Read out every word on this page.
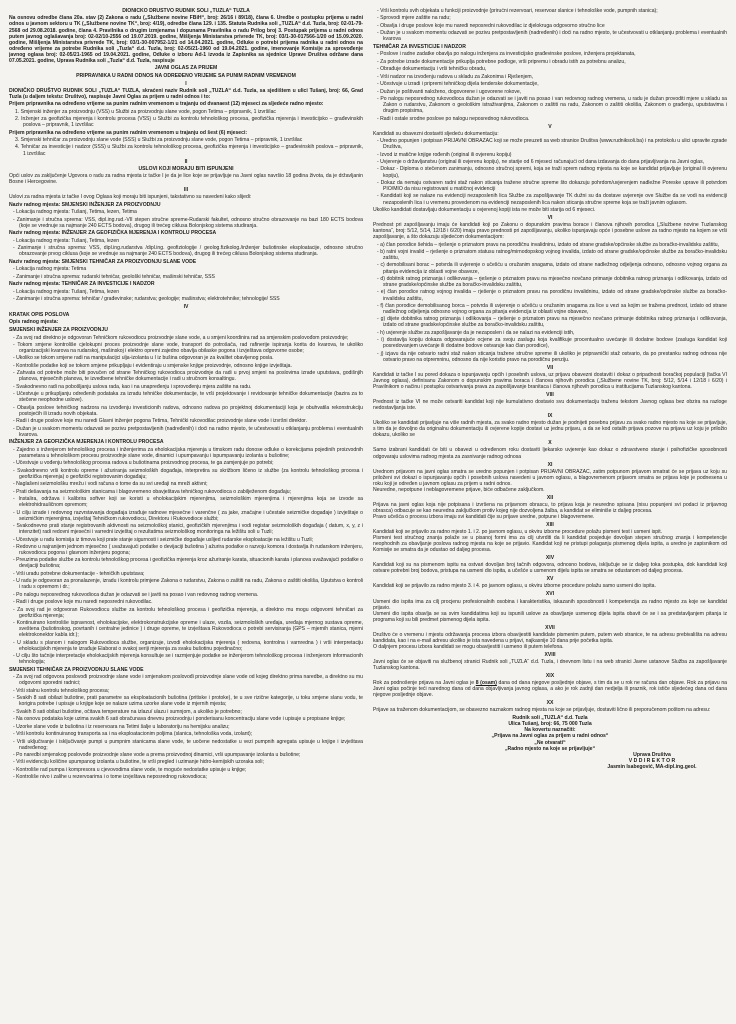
DIONIČKO DRUŠTVO RUDNIK SOLI „TUZLA“ TUZLA

Na osnovu odredbe člana 20a. stav (2) Zakona o radu („Službene novine FBiH“, broj: 26/16 i 89/18), člana 6. Uredbe o postupku prijema u radni odnos u javnom sektoru u TK („Službene novine TK“, broj: 4/19), odredbe člana 129. i 135. Statuta Rudnika soli „TUZLA“ d.d. Tuzla, broj: 02-01-79-2568 od 29.08.2018. godine, člana 4. Pravilnika o drugim izmjenama i dopunama Pravilnika o radu Prilog broj 3. Postupak prijema u radni odnos putem javnog oglašavanja broj: 02-02/10-2556 od 19.07.2019. godine, Mišljenja Ministarstva privrede TK, broj: 03/1-30-017566-1/20 od 15.09.2020. godine, Mišljenja Ministarstva privrede TK, broj: 03/1-30-007952-1/21 od 14.04.2021. godine, Odluke o potrebi prijema radnika u radni odnos na određeno vrijeme za potrebe Rudnika soli „Tuzla“ d.d. Tuzla, broj: 02-05/21-1960 od 19.04.2021. godine, imenovanje Komisije za sprovođenje javnog oglasa broj: 02-05/21-1965 od 19.04.2021. godine, Odluke o izboru Ad-1 izvoda iz Zapisnika sa sjednice Uprave Društva održane dana 07.05.2021. godine, Uprava Rudnika soli „Tuzla“ d.d. Tuzla, raspisuje

JAVNI OGLAS ZA PRIJEM

PRIPRAVNIKA U RADNI ODNOS NA ODREĐENO VRIJEME SA PUNIM RADNIM VREMENOM

I

DIONIČKO DRUŠTVO RUDNIK SOLI „TUZLA“ TUZLA, skraćeni naziv Rudnik soli „TUZLA“ d.d. Tuzla, sa sjedištem u ulici Tušanj, broj: 66, Grad Tuzla (u daljem tekstu: Društvo), raspisuje Javni Oglas za prijem u radni odnos i to:

Prijem pripravnika na određeno vrijeme sa punim radnim vremenom u trajanju od dvanaest (12) mjeseci za sljedeće radno mjesto:

1. Smjenski inženjer za proizvodnju (VSS) u Službi za proizvodnju slane vode, pogon Tetima – pripravnik, 1 izvršilac

2. Inženjer za geofizička mjerenja i kontrolu procesa (VSS) u Službi za kontrolu tehnološkog procesa, geofizička mjerenja i investicijsko – građevinskih poslova – pripravnik, 1 izvršilac

Prijem pripravnika na određeno vrijeme sa punim radnim vremenom u trajanju od šest (6) mjeseci:

3. Smjenski tehničar za proizvodnju slane vode (SSS) u Službi za proizvodnju slane vode, pogon Tetima – pripravnik, 1 izvršilac

4. Tehničar za investicije i nadzor (SSS) u Službi za kontrolu tehnološkog procesa, geofizička mjerenja i investicijsko – građevinskih poslova – pripravnik, 1 izvršilac

II

USLOVI KOJI MORAJU BITI ISPUNJENI

Opći uslov za zaključenje Ugovora o radu za radna mjesta iz tačke I je da je lice koje se prijavljuje na Javni oglas navršio 18 godina života, da je državljanin Bosne i Hercegovine.

III

Uslovi za radna mjesta iz tačke I ovog Oglasa koji moraju biti ispunjeni, takstativno su navedeni kako slijedi:

Naziv radnog mjesta: SMJENSKI INŽENJER ZA PROIZVODNJU

- Lokacija radnog mjesta: Tušanj, Tetima, lezen, Tetima

- Zanimanje i stručna sprema: VSS, dipl.ing.rud.-VII stepen stručne spreme-Rudarski fakultet, odnosno stručno obrazovanje na bazi 180 ECTS bodova (koje se vrednuje sa najmanje 240 ECTS bodova), drugog ili trećeg ciklusa Bolonjskog sistema studiranja.

Naziv radnog mjesta: INŽENJER ZA GEOFIZIČKA MJERENJA I KONTROLU PROCESA

- Lokacija radnog mjesta: Tušanj, Tetima, lezen

- Zanimanje i stručna sprema: VSS, dipl.ing.rudarstva /dipl.ing. geofiziologije / geolog.fizikolog./inženjer bušotinske eksploatacije, odnosno stručno obrazovanje prvog ciklusa (koje se vrednuje sa najmanje 240 ECTS bodova), drugog ili trećeg ciklusa Bolonjskog sistema studiranja.

Naziv radnog mjesta: SMJENSKI TEHNIČAR ZA PROIZVODNJU SLANE VODE

- Lokacija radnog mjesta: Tetima

- Zanimanje i stručna sprema: rudarski tehničar, geološki tehničar, mašinski tehničar, SSS

Naziv radnog mjesta: TEHNIČAR ZA INVESTICIJE I NADZOR

- Lokacija radnog mjesta: Tušanj, Tetima, lezen

- Zanimanje i stručna sprema: tehničar / građevinske; rudarstva; geologije; mašinstva; elektrotehnike; tehnologije/ SSS

IV

KRATAK OPIS POSLOVA

Opis radnog mjesta:

SMJENSKI INŽENJER ZA PROIZVODNJU

- Za svoj rad direktno je odgovoran Tehničkom rukovodiocu proizvodnje slane vode, a u smjeni koordinira rad sa smjenskim poslovođom proizvodnje;

- Tokom smjene kontroliše cjelokupni proces proizvodnje slane vode, transport do potrošača, rad rafinerije ispiranja korita do kvarova, te ukoliko organizacijski kvarova na rudarskoj, mašinskoj i elektro opremi zajedno obavlja obilaske pogona i izvještava odgovorne osobe;

- Ukoliko se tokom smjene radi na manipulacijci ulja-izolanta u I iz bušina odgovoran je za kvalitet obavljenog posla.

- Kontroliše podatke koji se tokom smjene prikupljaju i evidentiraju u smjenske knjige proizvodnje, odnosno knjige izvještaja.

- Zahvata od potrebe može biti povučen od strane Tehničkog rukovodioca proizvodnje da radi u prvoj smjeni na poslovima izrade uputstava, godišnjih planova, mjesečnih planova, te izvedbene tehničke dokumentacije i radi u stručnom konsaltingu.

- Svakodnevno radi na pobošljanju uslova rada, kao i na unapređenju i sprovođenju mjera zaštite na radu.

- Učestvuje u prikupljanju određenih podataka za izradu tehničke dokumentacije, te vrši projektovanje i revidovanje tehničke dokumentacije (bazira za to stečene neophodne uslove).

- Obavlja poslove tehničkog nadzora na izvođenju investicionih radova, odnosno radova po projektnoj dokumentaciji koja je obuhvatila rekonstrukciju postojećih ili izradu novih objekata.

- Radi i druge poslove koje mu naredi Glavni inženjer pogona Tetima, Tehnički rukovodilac proizvodnje slane vode i izvršni direktor.

- Dužan je u svakom momentu odazvati se pozivu pretpostavljenih (nadređenih) i doći na radno mjesto, te učestvovati u otklanjanju problema i eventualnih kvarova.

INŽENJER ZA GEOFIZIČKA MJERENJA I KONTROLU PROCESA

- Zajedno s inženjerom tehnološkog procesa i inženjerima za eholokacijska mjerenja u timskom radu donose odluke o korekcijama pojedinih proizvodnih parametara u tehnološkom procesu proizvodnje slane vode, dinamici i upumpavanju i ispumpavanju izolanta u bušotine;

- Učestvuje u vođenju tehnološkog procesa radova u bušotinama proizvodnog procesa, te ga zamjenjuje po potrebi;

- Svakodnevno vrši kontrolu opreme i ažuriranja seizmoloških događaja, interpretira su skrižbom ličeno iz službe (za kontrolu tehnološkog procesa i geofizička mjerenja) o geofizički registrovanim događaju;

- Naglašeni seizmološku mrežu i vodi računa o tome da su svi uređaji na mreži aktivni;

- Prati dešavanja na seizmološkim stanicama i blagovremeno obavještava tehničkog rukovodioca o zabilježenom događaju;

- Instalira, održava i kalibrira softver koji se koristi u eholokacijskim mjerenjima, seizmološkim mjerenjima i mjerenjima koja se izvode sa elektrohidrauličnom opremom;

- U cilju izrade i redovnog razvrstavanja događaja izrađuje radnove mjesečne i varenčne ( za jake, značajne i učestale seizmičke događaje ) izvještaje o seizmičkim mjerenjima, izvještaj Tehničkom rukovodiocu, Direktoru i Rukovodioce službi;

- Svakodnevno prati stanje registrovanih aktivnosti na seizmološkoj stanici, geofizičkih mjerenjima i vodi registar seizmoloških događaja ( datum, x, y, z i intenzitet) radi redovni mjesečni i varredni izvještaj o rezultatima seizmološkog monitoringa na ležištu soli u Tuzli;

- Učestvuje u radu komisija iz timova koji prate stanje sigurnosti i seizmičke događaje uslijed rudarske eksploatacije na ležištu u Tuzli;

- Redovno u najranijem jednom mjesečno ( uvažavajući podatke o devijaciji bušotina ) ažurira podatke o razvoju komora i dostavlja ih rudarskom inženjeru, rukovodiocu pogona i glavnom inženjeru pogona;

- Preuzima podatke službe za kontrolu tehnološkog procesa i geofizička mjerenja kroz ažuriranje karata, situacionih karata i planova uvažavajući podatke o devijaciji bušotina;

- Vrši uradu potrebne dokumentacije - tehničkih uputstava;

- U radu je odgovoran za pronalazenje, izradu i kontrolu primjene Zakona o rudarstvu, Zakona o zaštiti na radu, Zakona o zaštiti okoliša, Uputstva o kontroli i radu s opremom i dr.;

- Po nalogu neposrednog rukovodioca dužan je odazvati se i javiti na posao i van redovnog radnog vremena.

- Radi i druge poslove koje mu naredi neposredni rukovodilac.

- Za svoj rad je odgovoran Rukovodiocu službe za kontrolu tehnološkog procesa i geofizička mjerenja, a direktno mu mogu odgovorni tehničari za geofizička mjerenja;

- Kontinuirano kontroliše ispravnost, eholokacijske, elektrokonstrukcijske opreme i ulaze, vozila, seizmoloških uređaja, uređaja mjernog sustava opreme, sveštena (bušotinskog, povrtanih i centralne jedinice ) i druge opreme, te izvještava Rukovodioca o potrebi servisiranja (GPS – mjernih stanica, mjerni elektrokonektor kabla idr.);

- U skladu s planom i nalogom Rukovodioca službe, organizuje, izvodi eholokacijska mjerenja ( redovna, kontrolna i varnredna ) i vrši interpretaciju eholokacijskih mjerenja te izrađuje Elaborat o svakoj seriji mjerenja za svaku bušotinu pojedinačno;

- U cilju što tačnije interpretacije eholokacijskih mjerenja konsultuje se i razmjenjuje podatke se inženjerom tehnološkog procesa i inženjerom informacionih tehnologija;

SMJENSKI TEHNIČAR ZA PROIZVODNJU SLANE VODE

- Za svoj rad odgovora poslovođi proizvodnje slane vode i smjenskom poslovođi proizvodnje slane vode od kojeg direktno prima naredbe, a direktno su mu odgovorni sporedni radnici;

- Vrši stalnu kontrolu tehnološkog procesa;

- Svakih 8 sati obilazi bušotine, prati parametre sa eksploatacionih bušotina (pritiske i protoke), te u sve rizične kategorije, u toku smjene slanu vodu, te korigira potrebe i upisuje u knjige koje se nalaze uzima uzorke slane vode iz mjernih mjesta;

- Svakih 8 sati obilazi bušotine, očitava temperature na izlazu/ ulazu i sumnjom, a ukoliko je potrebno;

- Na osnovu podataka koje uzima svakih 6 sati obračunava dnevnu proizvodnju i ponderisanu koncentraciju slane vode i upisuje u propisane knjige;

- Uzorke slane vode iz bušotina i iz reservoara na Tetimi šalje u laboratoriju na hemijsku analizu;

- Vrši kontrolu kontinuiranog transporta sa i na eksploatacionim poljima (slanica, tehnološka voda, izolant);

- Vrši uključivanje i isključivanje pumpi u pumpnim stanicama slane vode, te uočene nedostatke u vezi pumpnih agregata upisuje u knjige i izvještava nadređenog;

- Po naredbi smjenskog poslovođe proizvodnje slane vode a prema proizvodnoj dinamici, vrši upumpavanje izolanta u bušotine;

- Vrši evidenciju količine upumpanog izolanta u bušotine, te vrši pregled i uzimanje hidro-kemijskih uzoraka soli;

- Kontroliše rad pumpa i kompresora u cjevovodima slane vode, te moguće nedostatke upisuje u knjige;

- Kontroliše nivo i zalihe u rezervoarima i o tome izvještava neposrednog rukovodioca;

- Vrši kontrolu svih objekata u funkciji proizvodnje (prirućni rezervoari, reservoar slanice i tehnološke vode, pumpnih stanica);

- Sprovodi mjere zaštite na radu;

- Obavlja i druge poslove koje mu naredi neposredni rukovodilac iz djelokruga odgovorno stručno lice

- Dužan je u svakom momentu odazvati se pozivu pretpostavljenih (nadređenih) i doći na radno mjesto, te učestvovati u otklanjanju problema i eventualnih kvarova

TEHNIČAR ZA INVESTICIJE I NADZOR

- Poslove i radne zadatke obavlja po nalogu inženjera za investicijsko građevinske poslove, inženjera projektanata,

- Za potrebe izrade dokumentacije prikuplja potrebne podloge, vrši pripremu i obradu istih za potrebnu analizu,

- Obrađuje dokumentaciju i vrši tehničku obradu,

- Vrši nadzor na izvođenju radova u skladu za Zakonima i Rješenjem,

- Učestvuje u izradi i pripremi tehničkog dijela tenderske dokumentacije,

- Dužan je poštivanti naloženo, dogovorene i ugovorene rokove,

- Po nalogu neposrednog rukovodioca dužan je odazvati se i javiti na posao i van redovnog radnog vremena, u radu je dužan provoditi mjere u skladu sa Zakon o rudarstvu, Zakonom o geološkim istraživanjima, Zakonom o zaštiti na radu, Zakonom o zaštiti okoliša, Zakonom o građenju, uputstavima i drugim propisima,

- Radi i ostale srodne poslove po nalogu neposrednog rukovodioca.

V

Kandidati su obavezni dostaviti sljedeću dokumentaciju:

- Uredno popunjen i potpisan PRIJAVNI OBRAZAC koji se može preuzeti sa web stranice Društva (www.rudniksoli.ba) i na protokolu u ulici upravite zgrade Društva,

- Izvod iz matične knjige rođenih (original ili ovjerenu kopiju)

- Uvjerenje o državljanstvu (original ili ovjerenu kopiju), ne starije od 6 mjeseci računajući od dana izdavanja do dana prijavljivanja na Javni oglas,

- Dokaz - Diploma o stečenom zanimanju, odnosno stručnoj spremi, koja se traži sprem radnog mjesta na koje se kandidat prijavljuje (original ili ovjerenu kopiju),

- Dokaz da nemaju ostvaren radni staž nakon sticanja tražene stručne spreme što dokazuju pohrdom/uvjerenjem nadležne Poreske uprave ili potvrdom PIO/MIO da nisu registrovani u matičnoj evidenciji

- Kandidati koji se nalaze na evidenciji nezaposlenih lica Službe za zapošljavanje TK dužni su da dostave uvjerenje ove Službe da se vodi na evidenciji nezaposlenih lica i u vremenu provedenom na evidenciji nezaposlenih lica nakon sticanja stručne spreme koja se traži javnim oglasom.

Ukoliko kandidati dostavljaju dokumentaciju u ovjerenoj kopiji ista ne može biti starija od 6 mjeseci.

VI

Prednost pri zapošljavanju imaju će kandidati koji po Zakonu o dopunskim pravima borace i članova njihovih porodica („Službene novine Tuzlanskog kantona“, broj: 5/12, 5/14, 12/18 i 6/20) imaju pravo prednosti pri zapošljavanju, ukoliko ispunjavaju opće i posebne uslove za radno mjesto na kojem se vrši zapošljavanje, a što dokazuju sljedećom dokumentacijom:

- a) član porodice šehida – rješenje o priznatom pravu na porodičnu invalidninu, izdato od strane gradske/općinske službe za boračko-invalidsku zaštitu,

- b) ratni vojni invalid – rješenje o priznatom statusu ratnog/mirnodopskog vojnog invalida, izdato od strane gradske/općinske službe za boračko-invalidsku zaštitu,

- c) demobilisani borac – potvrda ili uvjerenje o učešću u oružanim snagama, izdato od strane nadležnog odjeljenja odnosno, odnosno vojnog organa za pitanja evidencija iz oblasti vojne obaveze,

- d) dobitnik ratnog priznanja i odlikovanja – rješenje o priznatom pravu na mjesečno novčano primanje dobitnika ratnog priznanja i odlikovanja, izdato od strane gradske/općinske službe za boračko-invalidsku zaštitu,

- e) član porodice ratnog vojnog invalida – rješenje o priznatom pravu na porodičnu invalidninu, izdato od strane gradske/općinske službe za boračko-invalidsku zaštitu,

- f) član porodice demobilisanog borca – potvrda ili uvjerenje o učešću u oružanim snagama za lice u vezi sa kojim se tražena prednost, izdato od strane nadležnog odjeljenja odnosno vojnog organa za pitanja evidencija iz oblasti vojne obaveze,

- g) dijete dobitnika ratnog priznanja i odlikovanja – rješenje o priznatom pravu na mjesečno novčano primanje dobitnika ratnog priznanja i odlikovanja, izdato od strane gradske/općinske službe za boračko-invalidsku zaštitu,

- h) uvjerenje službe za zapošljavanje da je nezaposlen i da se nalazi na evidenciji istih,

- i) dostavlja kopiju dokaza odgovarajuće ocjene za svoju zaslugu koja kvalifikuje procentualno uvećanje ili dodatne bodove (zasluga kandidat koji posredovanjem uvećanje ili dodatne bodove ostvaruje kao član porodice),

- j) izjavu da nije ostvario radni staž nakon sticanja tražene stručne spreme ili ukoliko je pripravnički staž ostvario, da po prestanku radnog odnosa nije ostvario pravo na otpremninu, odnosno da nije koristio pravo na porodičnu penziju.

VII

Kandidati iz tačke I su pored dokaza o ispunjavanju općih i posebnih uslova, uz prijavu obavezni dostaviti i dokaz o pripadnosti boračkoj populaciji (tačka VI Javnog oglasa), definisanu Zakonom o dopunskim pravima boraca i članova njihovih porodica („Službene novine TK, broj: 5/12, 5/14 i 12/18 i 6/20) i Pravilnikom o načinu i postupku ostvarivanja prava za zapošljavanje branitaca i članova njihovih porodica u institucijama Tuzlanskog kantona.

VIII

Prednost iz tačke VI ne može ostvariti kandidat koji nije kumulativno dostavio svu dokumentaciju traženu tekstom Javnog oglasa bez obzira na razloge nedostavljanja iste.

IX

Ukoliko se kandidati prijavljuje na više radnih mjesta, za svako radno mjesto dužan je podnijeti posebnu prijavu za svako radno mjesto na koje se prijavljuje, s tim da je dovoljno da originalnu dokumentaciju ili ovjerene kopije dostavi uz jednu prijavu, a da se kod ostalih prijava pozove na prijavu uz koju je priložio dokazu, ukoliko se

X

Samo izabrani kandidati će biti u obavezi u određenom roku dostaviti ljekarsko uvjerenje kao dokaz o zdravstveno stanje i psihofizičke sposobnosti odgovaraju uslovima radnog mjesta za zasnivanje radnog odnosa

XI

Urednom prijavom na javni oglas smatra se uredno popunjen i potpisan PRIJAVNI OBRAZAC, zatim potpunom prijavom smatrat će se prijava uz koju su priloženi svi dokazi o ispunjavanju općih i posebnih uslova navedeni u javnom oglasu, a blagovremenom prijavom smatra se prijava koje je podnesena u roku koji je određen u javnom oglasu za prijem u radni odnos.
Neuredne, nepotpune i neblagovremene prijave, biće odbačene zaključkom.

XII

Prijava na javni oglas koja nije potpisana i izvršena na prijavnom obrascu, to prijava koja je neuredno spisana (nisu popunjeni svi podaci iz prijavnog obrasca) odbacuje se kao neuredna zaključkom protiv kojeg nije dozvoljena žalba, a kandidat se eliminiše iz daljeg procesa.
Pravo učešća o procesu izbora imaju svi kandidati čije su prijave uredne, potpune i blagovremene.

XIII

Kandidati koji se prijavilo za radno mjesto 1. i 2. po javnom oglasu, u okviru izborne procedure polažu pismeni test i usmeni ispit.
Pismeni test stručnog znanja polaže se u pisanoj formi ima za cilj utvrditi da li kandidat posjeduje dovoljan stepen stručnog znanja i kompetencije neophodnih za obavljanje poslova radnog mjesta na koje se prijavio. Kandidat koji ne pristupi polaganju pismenog dijela ispita, a uredno je zapisnikom od Komisije se smatra da je odustao od daljeg procesa.

XIV

Kandidati koji su na pismenom ispitu na ostvari dovoljan broj tačnih odgovora, odnosno bodova, isključuje se iz daljeg toka postupka, dok kandidati koji ostvare potrebni broj bodova, pristupa na usmeni dio ispita, a učešće u usmenom dijelu ispita se smatra se odustanom od daljeg procesa.

XV

Kandidati koji se prijavilo za radno mjesto 3. i 4. po javnom oglasu, u okviru izborne procedure polažu samo usmeni dio ispita.

XVI

Usmeni dio ispita ima za cilj procjenu profesionalnih osobina i karakteristika, iskazanih sposobnosti i kompetencija za radno mjesto za koje se kandidat prijavio.
Usmeni dio ispita obavlja se sa svim kandidatima koji su ispunili uslove za obavljanje usmenog dijela ispita obavit će se i sa predstavljanjem pitanja iz programa koji su bili predmet pismenog dijela ispita.

XVII

Društvo će o vremenu i mjestu održavanja procesa izbora obavijestiti kandidate pismenim putem, putem web stranice, te na adresu prebivališta na adresu kandidata, kao i na e-mail adresu ukoliko je ista navedena u prijavi, najkasnije 10 dana prije početka ispita.
O daljnjem procesu izbora kandidati se mogu obavijestiti i usmeno ili putem telefona.

XVIII

Javni oglas će se objaviti na službenoj stranici Rudnik soli „TUZLA“ d.d. Tuzla, i dnevnom listu i na web stranici Javne ustanove Služba za zapošljavanje Tuzlanskog kantona.

XIX

Rok za podnošenje prijava na Javni oglas je 8 (osam) dana od dana njegove posljednje objave, s tim da se u rok ne računa dan objave. Rok za prijavu na Javni oglas počinje teći narednog dana od dana objavljivanja javnog oglasa, a ako je rok zadnji dan nedjelja ili praznik, rok ističe sljedećeg dana od dana njegove posljednje objave.

XX

Prijave sa traženom dokumentacijom, se obavezno naznakom radnog mjesta na koje se prijavljuje, dostaviti lično ili preporučenom poštom na adresu:

Rudnik soli „TUZLA“ d.d. Tuzla

Ulica Tušanj, broj: 66, 75 000 Tuzla

Na kovertu naznačiti:

„Prijava na Javni oglas za prijem u radni odnos“

„Ne otvarati“

„Radno mjesto na koje se prijavljuje“

Uprava Društva

V D D I R E K T O R

Jasmin Isabegović, MA-dipl.ing.geol.
